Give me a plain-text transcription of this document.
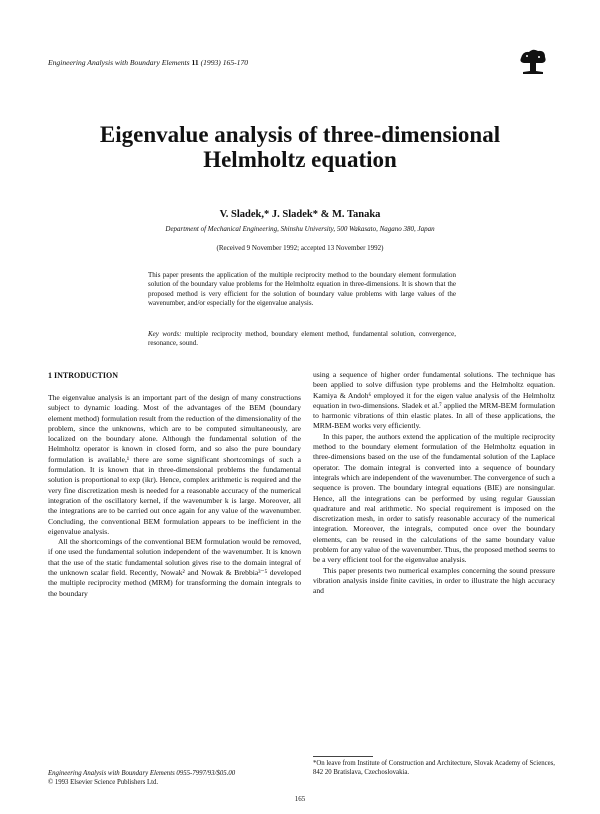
Engineering Analysis with Boundary Elements 11 (1993) 165-170
Eigenvalue analysis of three-dimensional
Helmholtz equation
V. Sladek,* J. Sladek* & M. Tanaka
Department of Mechanical Engineering, Shinshu University, 500 Wakasato, Nagano 380, Japan
(Received 9 November 1992; accepted 13 November 1992)
This paper presents the application of the multiple reciprocity method to the boundary element formulation solution of the boundary value problems for the Helmholtz equation in three-dimensions. It is shown that the proposed method is very efficient for the solution of boundary value problems with large values of the wavenumber, and/or especially for the eigenvalue analysis.
Key words: multiple reciprocity method, boundary element method, fundamental solution, convergence, resonance, sound.
1 INTRODUCTION

The eigenvalue analysis is an important part of the design of many constructions subject to dynamic loading. Most of the advantages of the BEM (boundary element method) formulation result from the reduction of the dimensionality of the problem, since the unknowns, which are to be computed simultaneously, are localized on the boundary alone. Although the fundamental solution of the Helmholtz operator is known in closed form, and so also the pure boundary formulation is available,¹ there are some significant shortcomings of such a formulation. It is known that in three-dimensional problems the fundamental solution is proportional to exp (ikr). Hence, complex arithmetic is required and the very fine discretization mesh is needed for a reasonable accuracy of the numerical integration of the oscillatory kernel, if the wavenumber k is large. Moreover, all the integrations are to be carried out once again for any value of the wavenumber. Concluding, the conventional BEM formulation appears to be inefficient in the eigenvalue analysis.

All the shortcomings of the conventional BEM formulation would be removed, if one used the fundamental solution independent of the wavenumber. It is known that the use of the static fundamental solution gives rise to the domain integral of the unknown scalar field. Recently, Nowak² and Nowak & Brebbia³⁻⁵ developed the multiple reciprocity method (MRM) for transforming the domain integrals to the boundary

using a sequence of higher order fundamental solutions. The technique has been applied to solve diffusion type problems and the Helmholtz equation. Kamiya & Andoh⁶ employed it for the eigen value analysis of the Helmholtz equation in two-dimensions. Sladek et al.⁷ applied the MRM-BEM formulation to harmonic vibrations of thin elastic plates. In all of these applications, the MRM-BEM works very efficiently.

In this paper, the authors extend the application of the multiple reciprocity method to the boundary element formulation of the Helmholtz equation in three-dimensions based on the use of the fundamental solution of the Laplace operator. The domain integral is converted into a sequence of boundary integrals which are independent of the wavenumber. The convergence of such a sequence is proven. The boundary integral equations (BIE) are nonsingular. Hence, all the integrations can be performed by using regular Gaussian quadrature and real arithmetic. No special requirement is imposed on the discretization mesh, in order to satisfy reasonable accuracy of the numerical integration. Moreover, the integrals, computed once over the boundary elements, can be reused in the calculations of the same boundary value problem for any value of the wavenumber. Thus, the proposed method seems to be a very efficient tool for the eigenvalue analysis.

This paper presents two numerical examples concerning the sound pressure vibration analysis inside finite cavities, in order to illustrate the high accuracy and

Engineering Analysis with Boundary Elements 0955-7997/93/$05.00
© 1993 Elsevier Science Publishers Ltd.
*On leave from Institute of Construction and Architecture, Slovak Academy of Sciences, 842 20 Bratislava, Czechoslovakia.
165
